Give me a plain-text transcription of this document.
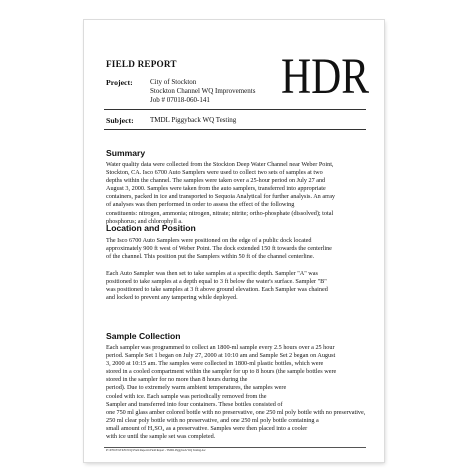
FIELD REPORT HDR
Project: City of Stockton
Stockton Channel WQ Improvements
Job # 07018-060-141
Subject: TMDL Piggyback WQ Testing
Summary

Water quality data were collected from the Stockton Deep Water Channel near Weber Point,
Stockton, CA. Isco 6700 Auto Samplers were used to collect two sets of samples at two
depths within the channel. The samples were taken over a 25-hour period on July 27 and
August 3, 2000. Samples were taken from the auto samplers, transferred into appropriate
containers, packed in ice and transported to Sequoia Analytical for further analysis. An array
of analyses was then performed in order to assess the effect of the following
constituents: nitrogen, ammonia; nitrogen, nitrate; nitrite; ortho-phosphate (dissolved); total
phosphorus; and chlorophyll a.

Location and Position

The Isco 6700 Auto Samplers were positioned on the edge of a public dock located
approximately 900 ft west of Weber Point. The dock extended 150 ft towards the centerline
of the channel. This position put the Samplers within 50 ft of the channel centerline.

Each Auto Sampler was then set to take samples at a specific depth. Sampler "A" was
positioned to take samples at a depth equal to 3 ft below the water's surface. Sampler "B"
was positioned to take samples at 3 ft above ground elevation. Each Sampler was chained
and locked to prevent any tampering while deployed.

Sample Collection

Each sampler was programmed to collect an 1800-ml sample every 2.5 hours over a 25 hour
period. Sample Set 1 began on July 27, 2000 at 10:10 am and Sample Set 2 began on August
3, 2000 at 10:15 am. The samples were collected in 1800-ml plastic bottles, which were
stored in a cooled compartment within the sampler for up to 8 hours (the sample bottles were
stored in the sampler for no more than 8 hours during the
period). Due to extremely warm ambient temperatures, the samples were
cooled with ice. Each sample was periodically removed from the
Sampler and transferred into four containers. These bottles consisted of
one 750 ml glass amber colored bottle with no preservative, one 250 ml poly bottle with no preservative,
250 ml clear poly bottle with no preservative, and one 250 ml poly bottle containing a
small amount of H₂SO₄ as a preservative. Samples were then placed into a cooler
with ice until the sample set was completed.

P:\\07018\\STKN\\WQ\\Field Reports\\Field Report - TMDL Piggyback WQ Testing.doc
